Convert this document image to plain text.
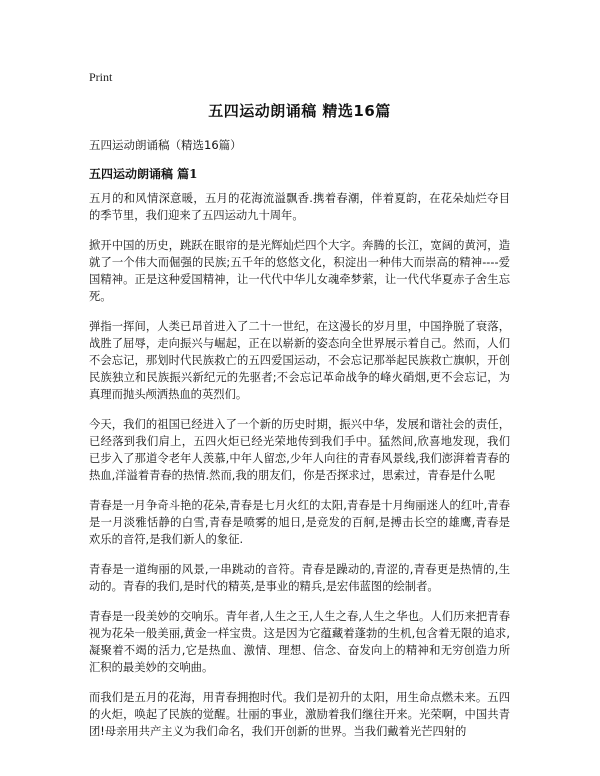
Print
五四运动朗诵稿 精选16篇
五四运动朗诵稿（精选16篇）
五四运动朗诵稿 篇1

五月的和风情深意暖，五月的花海流溢飘香.携着春潮，伴着夏韵，在花朵灿烂夺目的季节里，我们迎来了五四运动九十周年。

掀开中国的历史，跳跃在眼帘的是光辉灿烂四个大字。奔腾的长江，宽阔的黄河，造就了一个伟大而倔强的民族;五千年的悠悠文化，积淀出一种伟大而崇高的精神----爱国精神。正是这种爱国精神，让一代代中华儿女魂牵梦萦，让一代代华夏赤子舍生忘死。

弹指一挥间，人类已昂首进入了二十一世纪，在这漫长的岁月里，中国挣脱了衰落，战胜了屈辱，走向振兴与崛起，正在以崭新的姿态向全世界展示着自己。然而，人们不会忘记，那划时代民族救亡的五四爱国运动，不会忘记那举起民族救亡旗帜，开创民族独立和民族振兴新纪元的先驱者;不会忘记革命战争的峰火硝烟,更不会忘记，为真理而抛头颅洒热血的英烈们。

今天，我们的祖国已经进入了一个新的历史时期，振兴中华，发展和谐社会的责任，已经落到我们肩上，五四火炬已经光荣地传到我们手中。猛然间,欣喜地发现，我们已步入了那道令老年人羡慕,中年人留恋,少年人向往的青春风景线,我们澎湃着青春的热血,洋溢着青春的热情.然而,我的朋友们，你是否探求过，思索过，青春是什么呢

青春是一月争奇斗艳的花朵,青春是七月火红的太阳,青春是十月绚丽迷人的红叶,青春是一月淡雅恬静的白雪,青春是喷雾的旭日,是竞发的百舸,是搏击长空的雄鹰,青春是欢乐的音符,是我们新人的象征.

青春是一道绚丽的风景,一串跳动的音符。青春是躁动的,青涩的,青春更是热情的,生动的。青春的我们,是时代的精英,是事业的精兵,是宏伟蓝图的绘制者。

青春是一段美妙的交响乐。青年者,人生之王,人生之春,人生之华也。人们历来把青春视为花朵一般美丽,黄金一样宝贵。这是因为它蕴藏着蓬勃的生机,包含着无限的追求,凝聚着不竭的活力,它是热血、激情、理想、信念、奋发向上的精神和无穷创造力所汇积的最美妙的交响曲。

而我们是五月的花海，用青春拥抱时代。我们是初升的太阳，用生命点燃未来。五四的火炬，唤起了民族的觉醒。壮丽的事业，激励着我们继往开来。光荣啊，中国共青团!母亲用共产主义为我们命名，我们开创新的世界。当我们戴着光芒四射的
